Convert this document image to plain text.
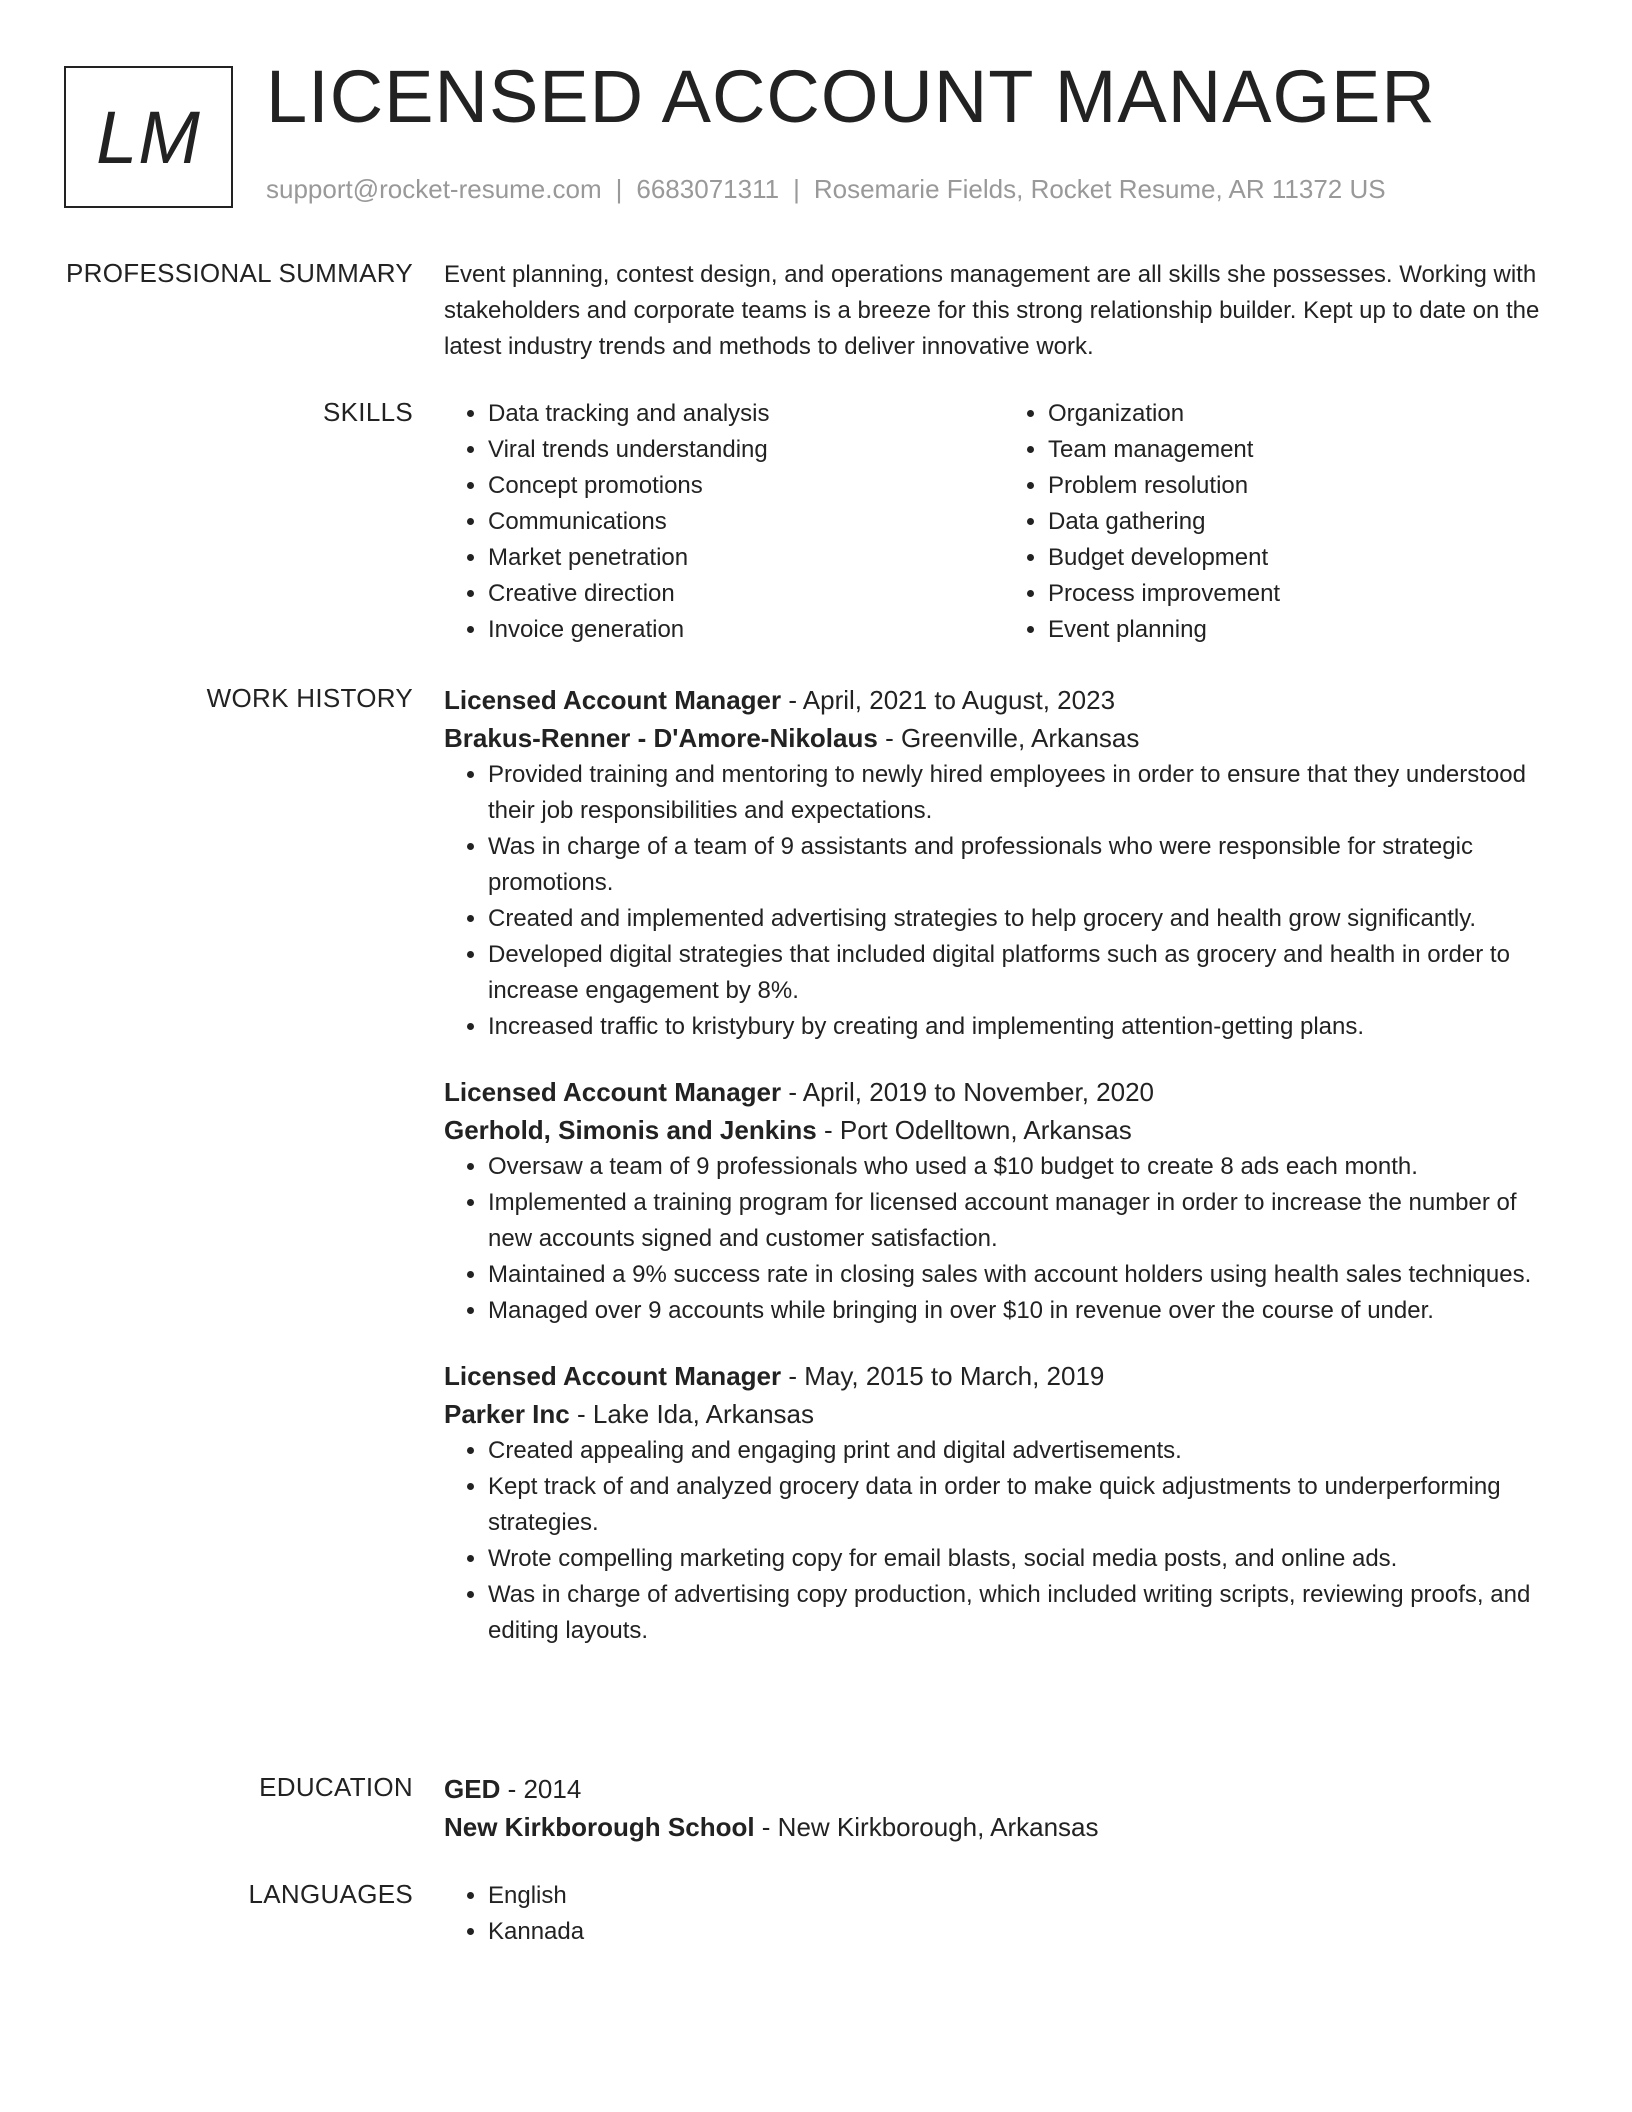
LM LICENSED ACCOUNT MANAGER
support@rocket-resume.com | 6683071311 | Rosemarie Fields, Rocket Resume, AR 11372 US
PROFESSIONAL SUMMARY Event planning, contest design, and operations management are all skills she possesses. Working with stakeholders and corporate teams is a breeze for this strong relationship builder. Kept up to date on the latest industry trends and methods to deliver innovative work.

SKILLS	• Data tracking and analysis
• Viral trends understanding
• Concept promotions
• Communications
• Market penetration
• Creative direction
• Invoice generation
• Organization
• Team management
• Problem resolution
• Data gathering
• Budget development
• Process improvement
• Event planning
WORK HISTORY Licensed Account Manager - April, 2021 to August, 2023
Brakus-Renner - D'Amore-Nikolaus - Greenville, Arkansas
• Provided training and mentoring to newly hired employees in order to ensure that they understood their job responsibilities and expectations.
• Was in charge of a team of 9 assistants and professionals who were responsible for strategic promotions.
• Created and implemented advertising strategies to help grocery and health grow significantly.
• Developed digital strategies that included digital platforms such as grocery and health in order to increase engagement by 8%.
• Increased traffic to kristybury by creating and implementing attention-getting plans.
Licensed Account Manager - April, 2019 to November, 2020
Gerhold, Simonis and Jenkins - Port Odelltown, Arkansas
• Oversaw a team of 9 professionals who used a $10 budget to create 8 ads each month.
• Implemented a training program for licensed account manager in order to increase the number of new accounts signed and customer satisfaction.
• Maintained a 9% success rate in closing sales with account holders using health sales techniques.
• Managed over 9 accounts while bringing in over $10 in revenue over the course of under.
Licensed Account Manager - May, 2015 to March, 2019
Parker Inc - Lake Ida, Arkansas
• Created appealing and engaging print and digital advertisements.
• Kept track of and analyzed grocery data in order to make quick adjustments to underperforming strategies.
• Wrote compelling marketing copy for email blasts, social media posts, and online ads.
• Was in charge of advertising copy production, which included writing scripts, reviewing proofs, and editing layouts.
EDUCATION GED - 2014
New Kirkborough School - New Kirkborough, Arkansas
LANGUAGES	• English
• Kannada
